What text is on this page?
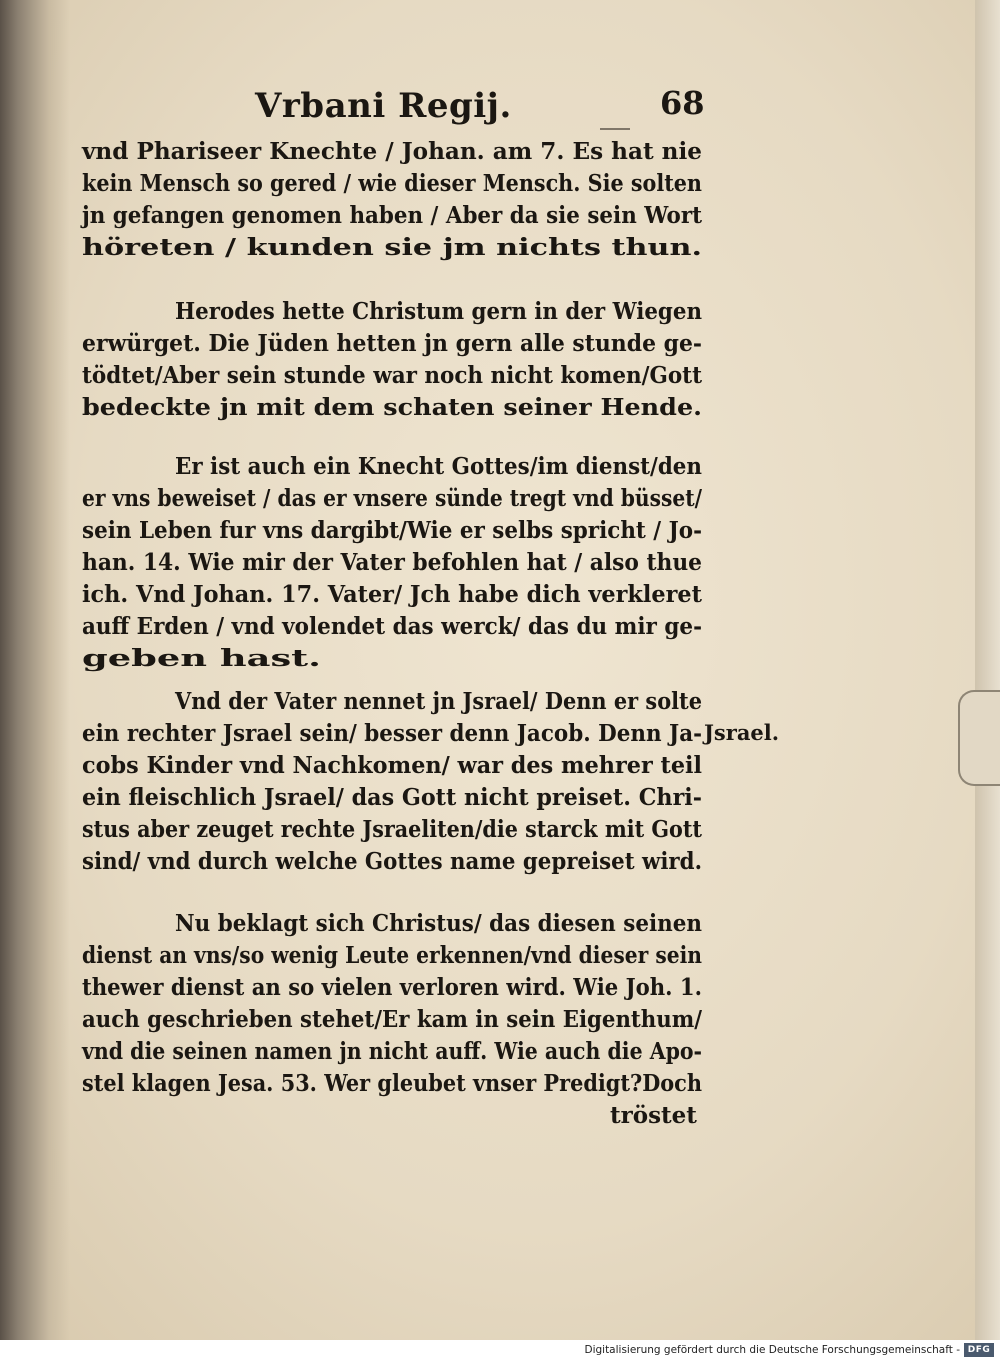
Vrbani Regij.	68
vnd Phariseer Knechte / Johan. am 7. Es hat nie
kein Mensch so gered / wie dieser Mensch. Sie solten
jn gefangen genomen haben / Aber da sie sein Wort
höreten / kunden sie jm nichts thun.
Herodes hette Christum gern in der Wiegen
erwürget. Die Jüden hetten jn gern alle stunde ge-
tödtet/Aber sein stunde war noch nicht komen/Gott
bedeckte jn mit dem schaten seiner Hende.
Er ist auch ein Knecht Gottes/im dienst/den
er vns beweiset / das er vnsere sünde tregt vnd büsset/
sein Leben fur vns dargibt/Wie er selbs spricht / Jo-
han. 14. Wie mir der Vater befohlen hat / also thue
ich. Vnd Johan. 17. Vater/ Jch habe dich verkleret
auff Erden / vnd volendet das werck/ das du mir ge-
geben hast.
Vnd der Vater nennet jn Jsrael/ Denn er solte
ein rechter Jsrael sein/ besser denn Jacob. Denn Ja-
cobs Kinder vnd Nachkomen/ war des mehrer teil
ein fleischlich Jsrael/ das Gott nicht preiset. Chri-
stus aber zeuget rechte Jsraeliten/die starck mit Gott
sind/ vnd durch welche Gottes name gepreiset wird.
Jsrael.
Nu beklagt sich Christus/ das diesen seinen
dienst an vns/so wenig Leute erkennen/vnd dieser sein
thewer dienst an so vielen verloren wird. Wie Joh. 1.
auch geschrieben stehet/Er kam in sein Eigenthum/
vnd die seinen namen jn nicht auff. Wie auch die Apo-
stel klagen Jesa. 53. Wer gleubet vnser Predigt?Doch
tröstet
Digitalisierung gefördert durch die Deutsche Forschungsgemeinschaft - DFG
